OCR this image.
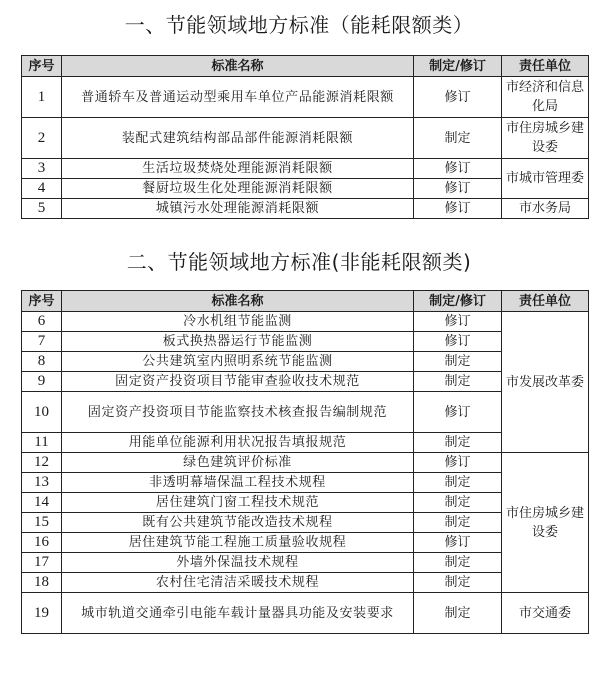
一、节能领域地方标准（能耗限额类）
序号	标准名称	制定/修订	责任单位
1	普通轿车及普通运动型乘用车单位产品能源消耗限额	修订	市经济和信息化局
2	装配式建筑结构部品部件能源消耗限额	制定	市住房城乡建设委
3	生活垃圾焚烧处理能源消耗限额	修订	市城市管理委
4	餐厨垃圾生化处理能源消耗限额	修订	
5	城镇污水处理能源消耗限额	修订	市水务局
二、节能领域地方标准(非能耗限额类)
序号	标准名称	制定/修订	责任单位
6	冷水机组节能监测	修订	市发展改革委
7	板式换热器运行节能监测	修订	
8	公共建筑室内照明系统节能监测	制定	
9	固定资产投资项目节能审查验收技术规范	制定	
10	固定资产投资项目节能监察技术核查报告编制规范	修订	
11	用能单位能源利用状况报告填报规范	制定	
12	绿色建筑评价标准	修订	市住房城乡建设委
13	非透明幕墙保温工程技术规程	制定	
14	居住建筑门窗工程技术规范	制定	
15	既有公共建筑节能改造技术规程	制定	
16	居住建筑节能工程施工质量验收规程	修订	
17	外墙外保温技术规程	制定	
18	农村住宅清洁采暖技术规程	制定	
19	城市轨道交通牵引电能车载计量器具功能及安装要求	制定	市交通委
